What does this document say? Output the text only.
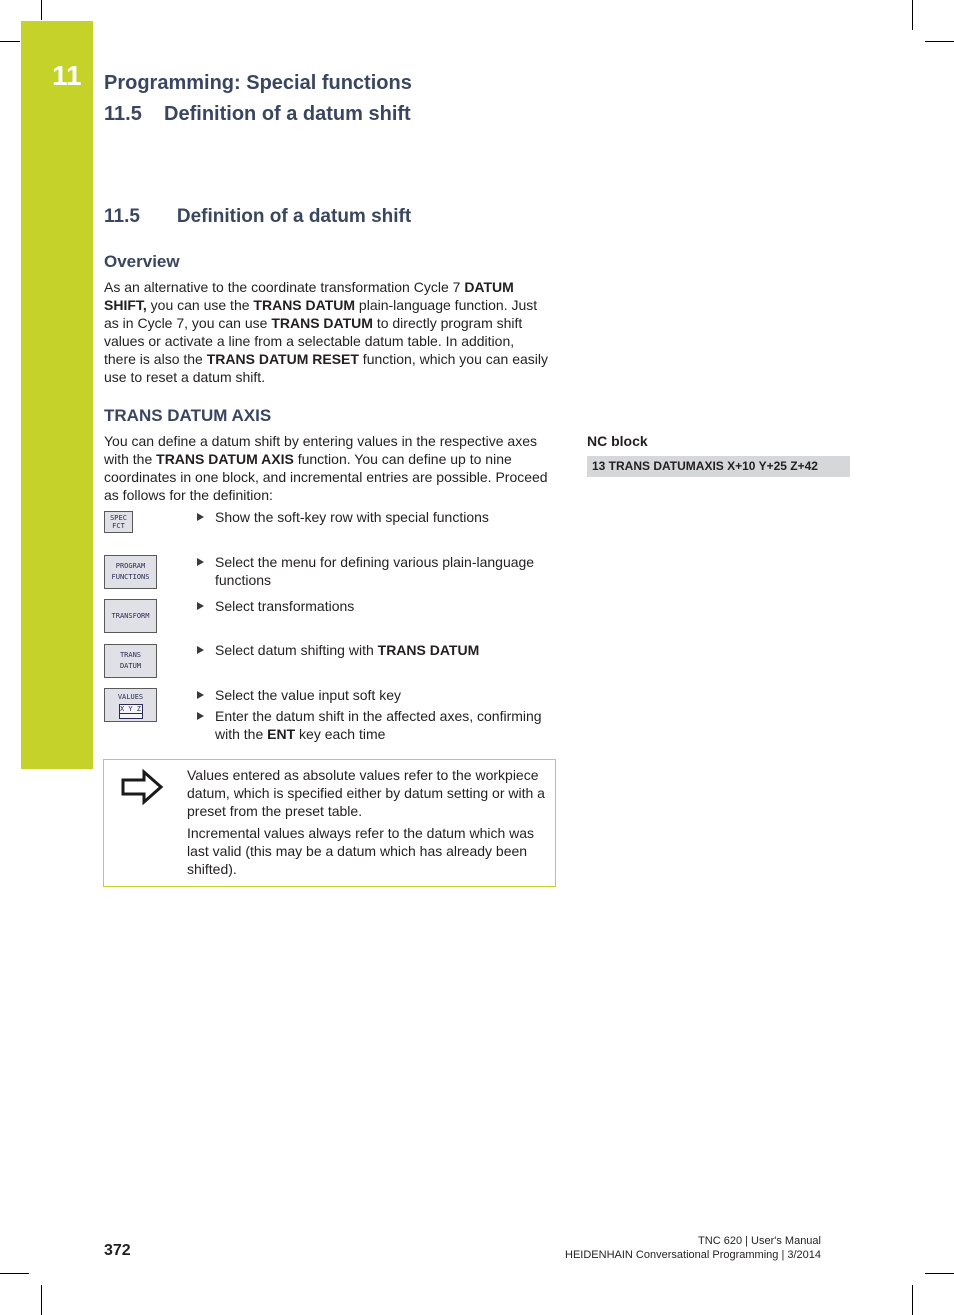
11 Programming: Special functions
11.5    Definition of a datum shift
11.5       Definition of a datum shift
Overview
As an alternative to the coordinate transformation Cycle 7 DATUM SHIFT, you can use the TRANS DATUM plain-language function. Just as in Cycle 7, you can use TRANS DATUM to directly program shift values or activate a line from a selectable datum table. In addition, there is also the TRANS DATUM RESET function, which you can easily use to reset a datum shift.
TRANS DATUM AXIS
You can define a datum shift by entering values in the respective axes with the TRANS DATUM AXIS function. You can define up to nine coordinates in one block, and incremental entries are possible. Proceed as follows for the definition:
SPEC
FCT
PROGRAM
FUNCTIONS
TRANSFORM
TRANS
DATUM
VALUES
X Y Z
Show the soft-key row with special functions
Select the menu for defining various plain-language functions
Select transformations
Select datum shifting with TRANS DATUM
Select the value input soft key
Enter the datum shift in the affected axes, confirming with the ENT key each time

Values entered as absolute values refer to the workpiece datum, which is specified either by datum setting or with a preset from the preset table.

Incremental values always refer to the datum which was last valid (this may be a datum which has already been shifted).

NC block
13 TRANS DATUMAXIS X+10 Y+25 Z+42
372
TNC 620 | User's Manual
HEIDENHAIN Conversational Programming | 3/2014
